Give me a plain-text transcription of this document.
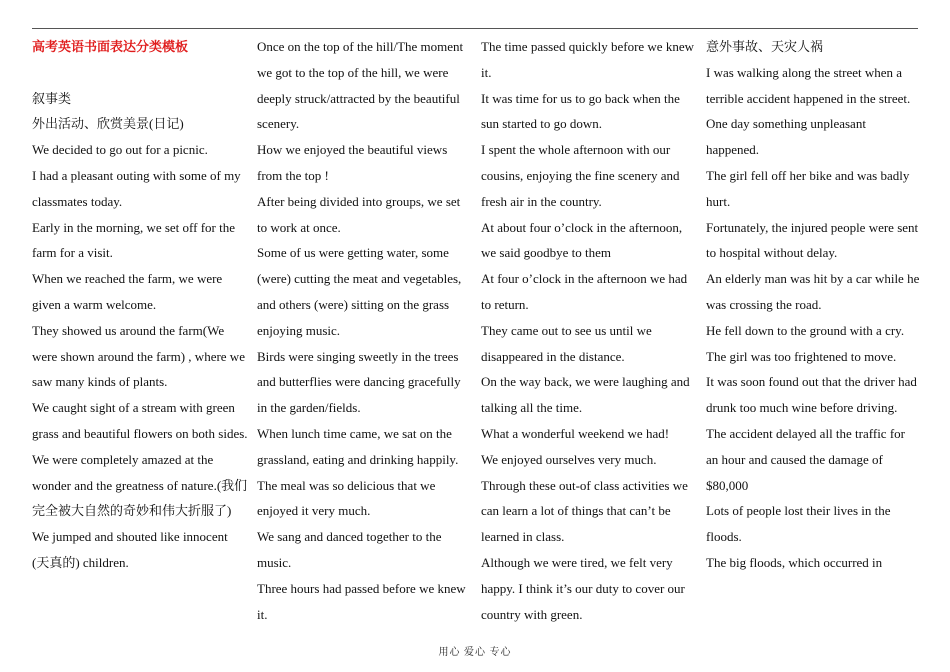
高考英语书面表达分类模板

叙事类

外出活动、欣赏美景(日记)

We decided to go out for a picnic.

I had a pleasant outing with some of my classmates today.

Early in the morning, we set off for the farm for a visit.

When we reached the farm, we were given a warm welcome.

They showed us around the farm(We were shown around the farm) , where we saw many kinds of plants.

We caught sight of a stream with green grass and beautiful flowers on both sides.

We were completely amazed at the wonder and the greatness of nature.(我们完全被大自然的奇妙和伟大折服了)

We jumped and shouted like innocent (天真的) children.

Once on the top of the hill/The moment we got to the top of the hill, we were deeply struck/attracted by the beautiful scenery.

How we enjoyed the beautiful views from the top !

After being divided into groups, we set to work at once.

Some of us were getting water, some (were) cutting the meat and vegetables, and others (were) sitting on the grass enjoying music.

Birds were singing sweetly in the trees and butterflies were dancing gracefully in the garden/fields.

When lunch time came, we sat on the grassland, eating and drinking happily.

The meal was so delicious that we enjoyed it very much.

We sang and danced together to the music.

Three hours had passed before we knew it.

The time passed quickly before we knew it.

It was time for us to go back when the sun started to go down.

I spent the whole afternoon with our cousins, enjoying the fine scenery and fresh air in the country.

At about four o’clock in the afternoon, we said goodbye to them

At four o’clock in the afternoon we had to return.

They came out to see us until we disappeared in the distance.

On the way back, we were laughing and talking all the time.

What a wonderful weekend we had!

We enjoyed ourselves very much.

Through these out-of class activities we can learn a lot of things that can’t be learned in class.

Although we were tired, we felt very happy. I think it’s our duty to cover our country with green.

意外事故、天灾人祸

I was walking along the street when a terrible accident happened in the street.

One day something unpleasant happened.

The girl fell off her bike and was badly hurt.

Fortunately, the injured people were sent to hospital without delay.

An elderly man was hit by a car while he was crossing the road.

He fell down to the ground with a cry.

The girl was too frightened to move.

It was soon found out that the driver had drunk too much wine before driving.

The accident delayed all the traffic for an hour and caused the damage of $80,000

Lots of people lost their lives in the floods.

The big floods, which occurred in

用心 爱心 专心
